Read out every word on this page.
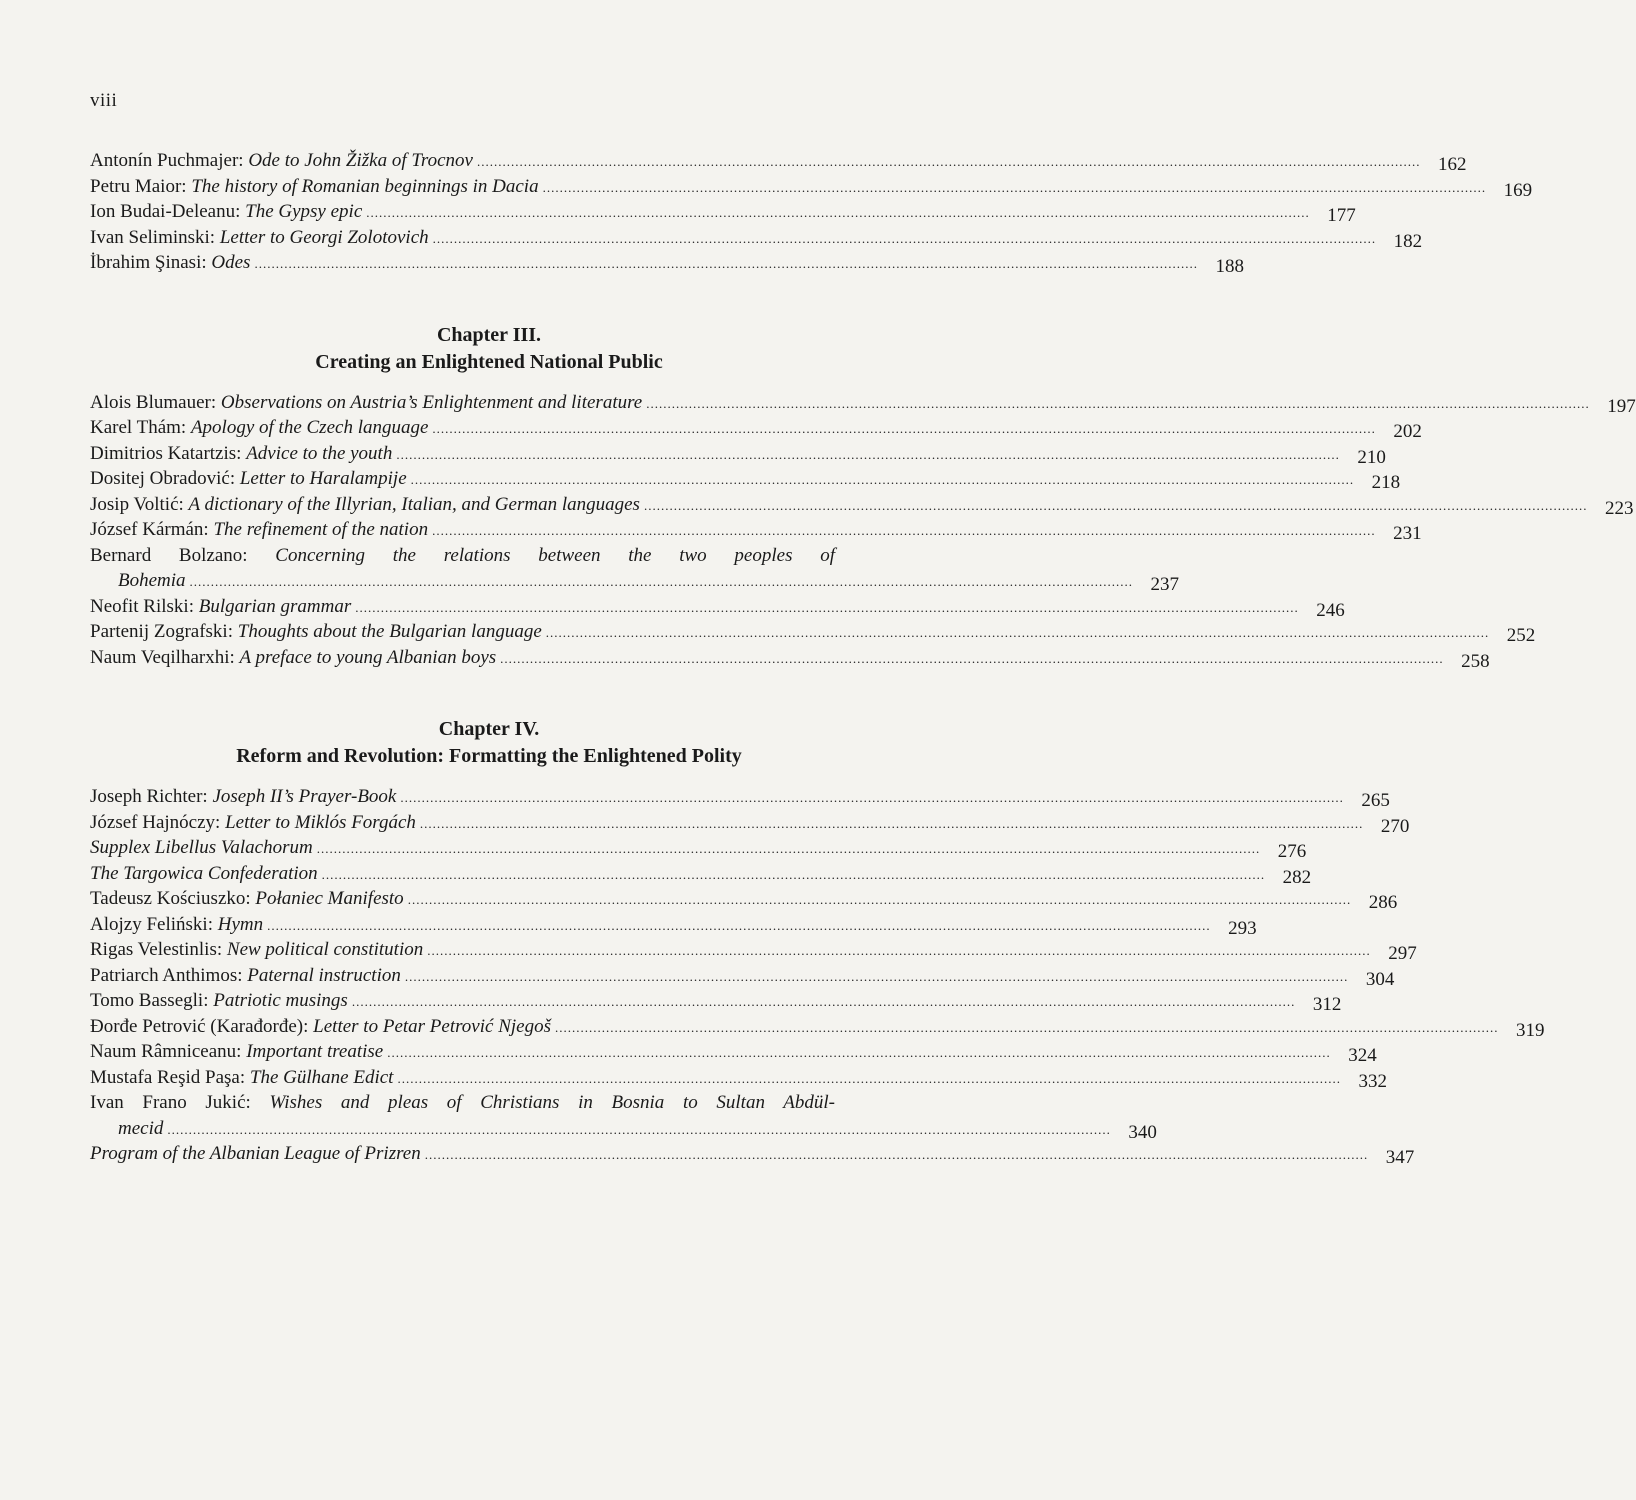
viii
Antonín Puchmajer: Ode to John Žižka of Trocnov .....	162
Petru Maior: The history of Romanian beginnings in Dacia .....	169
Ion Budai-Deleanu: The Gypsy epic .....	177
Ivan Seliminski: Letter to Georgi Zolotovich .....	182
İbrahim Şinasi: Odes .....	188
Chapter III.
Creating an Enlightened National Public
Alois Blumauer: Observations on Austria’s Enlightenment and literature .....	197
Karel Thám: Apology of the Czech language .....	202
Dimitrios Katartzis: Advice to the youth .....	210
Dositej Obradović: Letter to Haralampije .....	218
Josip Voltić: A dictionary of the Illyrian, Italian, and German languages .....	223
József Kármán: The refinement of the nation .....	231
Bernard Bolzano: Concerning the relations between the two peoples of
Bohemia .....	237
Neofit Rilski: Bulgarian grammar .....	246
Partenij Zografski: Thoughts about the Bulgarian language .....	252
Naum Veqilharxhi: A preface to young Albanian boys .....	258
Chapter IV.
Reform and Revolution: Formatting the Enlightened Polity
Joseph Richter: Joseph II’s Prayer-Book .....	265
József Hajnóczy: Letter to Miklós Forgách .....	270
Supplex Libellus Valachorum .....	276
The Targowica Confederation .....	282
Tadeusz Kościuszko: Połaniec Manifesto .....	286
Alojzy Feliński: Hymn .....	293
Rigas Velestinlis: New political constitution .....	297
Patriarch Anthimos: Paternal instruction .....	304
Tomo Bassegli: Patriotic musings .....	312
Đorđe Petrović (Karađorđe): Letter to Petar Petrović Njegoš .....	319
Naum Râmniceanu: Important treatise .....	324
Mustafa Reşid Paşa: The Gülhane Edict .....	332
Ivan Frano Jukić: Wishes and pleas of Christians in Bosnia to Sultan Abdül-
mecid .....	340
Program of the Albanian League of Prizren .....	347
